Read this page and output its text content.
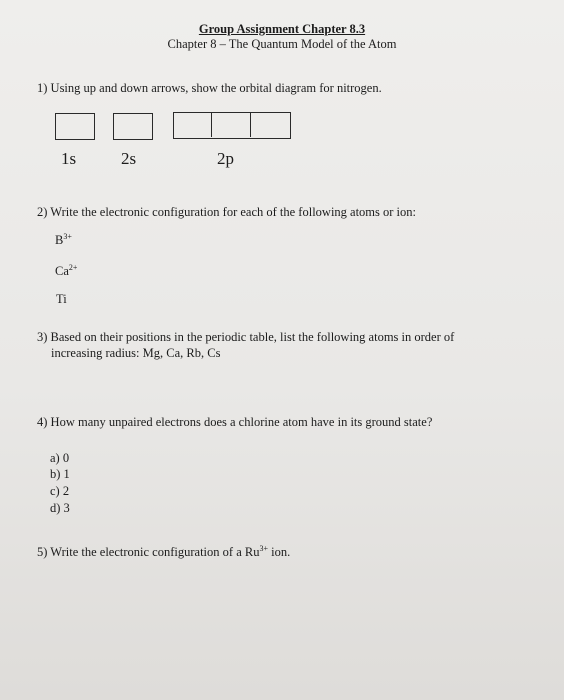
Group Assignment Chapter 8.3
Chapter 8 – The Quantum Model of the Atom
1) Using up and down arrows, show the orbital diagram for nitrogen.
1s	2s	2p
2) Write the electronic configuration for each of the following atoms or ion:
$B^{3+}$
$Ca^{2+}$
Ti
3) Based on their positions in the periodic table, list the following atoms in order of
increasing radius: Mg, Ca, Rb, Cs
4) How many unpaired electrons does a chlorine atom have in its ground state?
a) 0
b) 1
c) 2
d) 3
5) Write the electronic configuration of a $Ru^{3+}$ ion.
